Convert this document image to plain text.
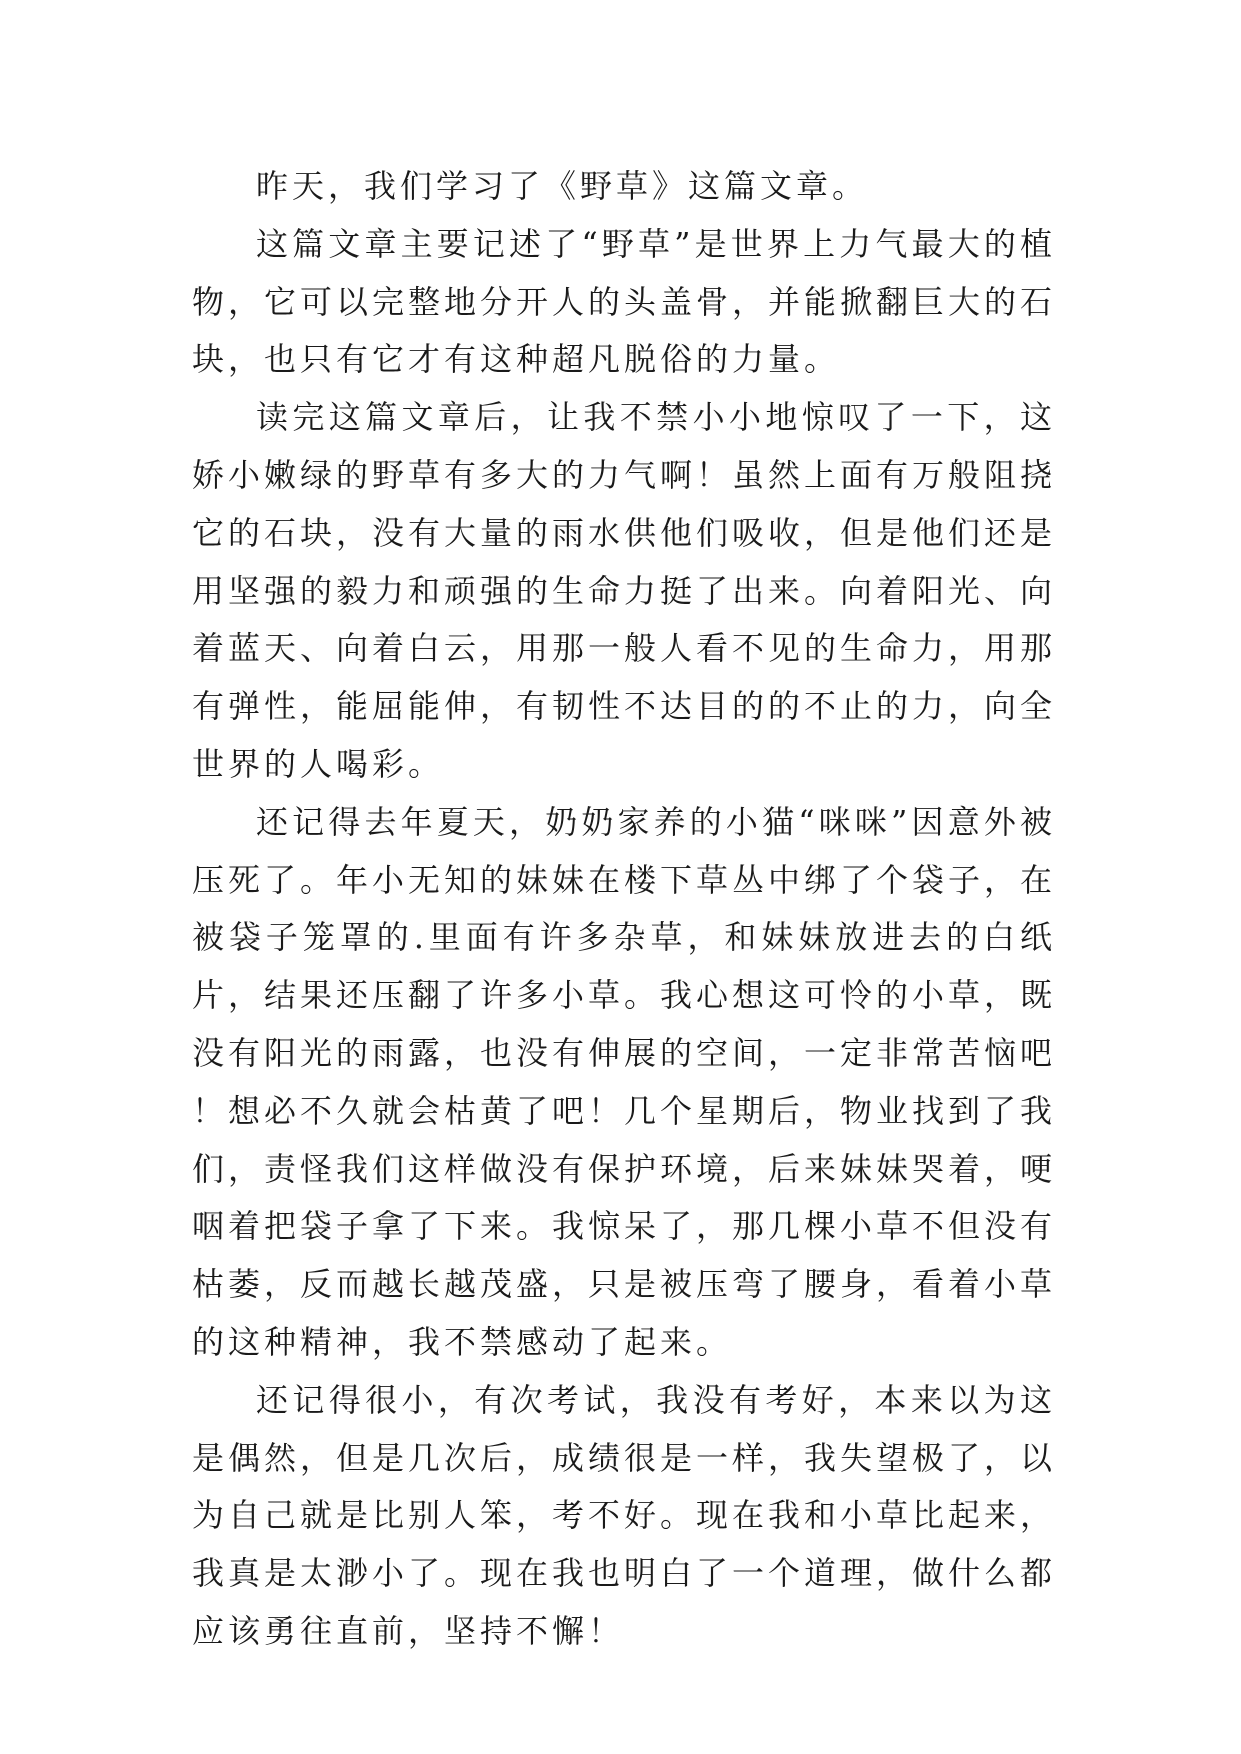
昨天，我们学习了《野草》这篇文章。

这篇文章主要记述了“野草”是世界上力气最大的植物，它可以完整地分开人的头盖骨，并能掀翻巨大的石块，也只有它才有这种超凡脱俗的力量。

读完这篇文章后，让我不禁小小地惊叹了一下，这娇小嫩绿的野草有多大的力气啊！虽然上面有万般阻挠它的石块，没有大量的雨水供他们吸收，但是他们还是用坚强的毅力和顽强的生命力挺了出来。向着阳光、向着蓝天、向着白云，用那一般人看不见的生命力，用那有弹性，能屈能伸，有韧性不达目的的不止的力，向全世界的人喝彩。

还记得去年夏天，奶奶家养的小猫“咪咪”因意外被压死了。年小无知的妹妹在楼下草丛中绑了个袋子，在被袋子笼罩的.里面有许多杂草，和妹妹放进去的白纸片，结果还压翻了许多小草。我心想这可怜的小草，既没有阳光的雨露，也没有伸展的空间，一定非常苦恼吧！想必不久就会枯黄了吧！几个星期后，物业找到了我们，责怪我们这样做没有保护环境，后来妹妹哭着，哽咽着把袋子拿了下来。我惊呆了，那几棵小草不但没有枯萎，反而越长越茂盛，只是被压弯了腰身，看着小草的这种精神，我不禁感动了起来。

还记得很小，有次考试，我没有考好，本来以为这是偶然，但是几次后，成绩很是一样，我失望极了，以为自己就是比别人笨，考不好。现在我和小草比起来，我真是太渺小了。现在我也明白了一个道理，做什么都应该勇往直前，坚持不懈！
